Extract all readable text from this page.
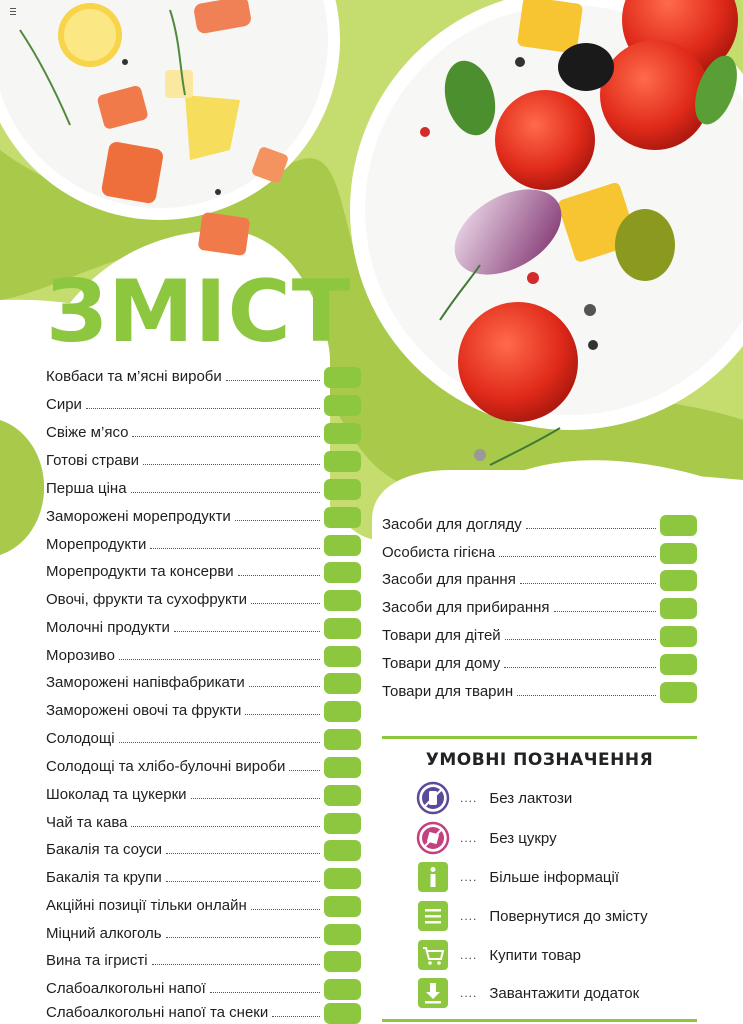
ЗМІСТ
Ковбаси та м’ясні вироби
Сири
Свіже м’ясо
Готові страви
Перша ціна
Заморожені морепродукти
Морепродукти
Морепродукти та консерви
Овочі, фрукти та сухофрукти
Молочні продукти
Морозиво
Заморожені напівфабрикати
Заморожені овочі та фрукти
Солодощі
Солодощі та хлібо-булочні вироби
Шоколад та цукерки
Чай та кава
Бакалія та соуси
Бакалія та крупи
Акційні позиції тільки онлайн
Міцний алкоголь
Вина та ігристі
Слабоалкогольні напої
Слабоалкогольні напої та снеки
Засоби для догляду
Особиста гігієна
Засоби для прання
Засоби для прибирання
Товари для дітей
Товари для дому
Товари для тварин
УМОВНІ ПОЗНАЧЕННЯ
.... Без лактози
.... Без цукру
.... Більше інформації
.... Повернутися до змісту
.... Купити товар
.... Завантажити додаток
